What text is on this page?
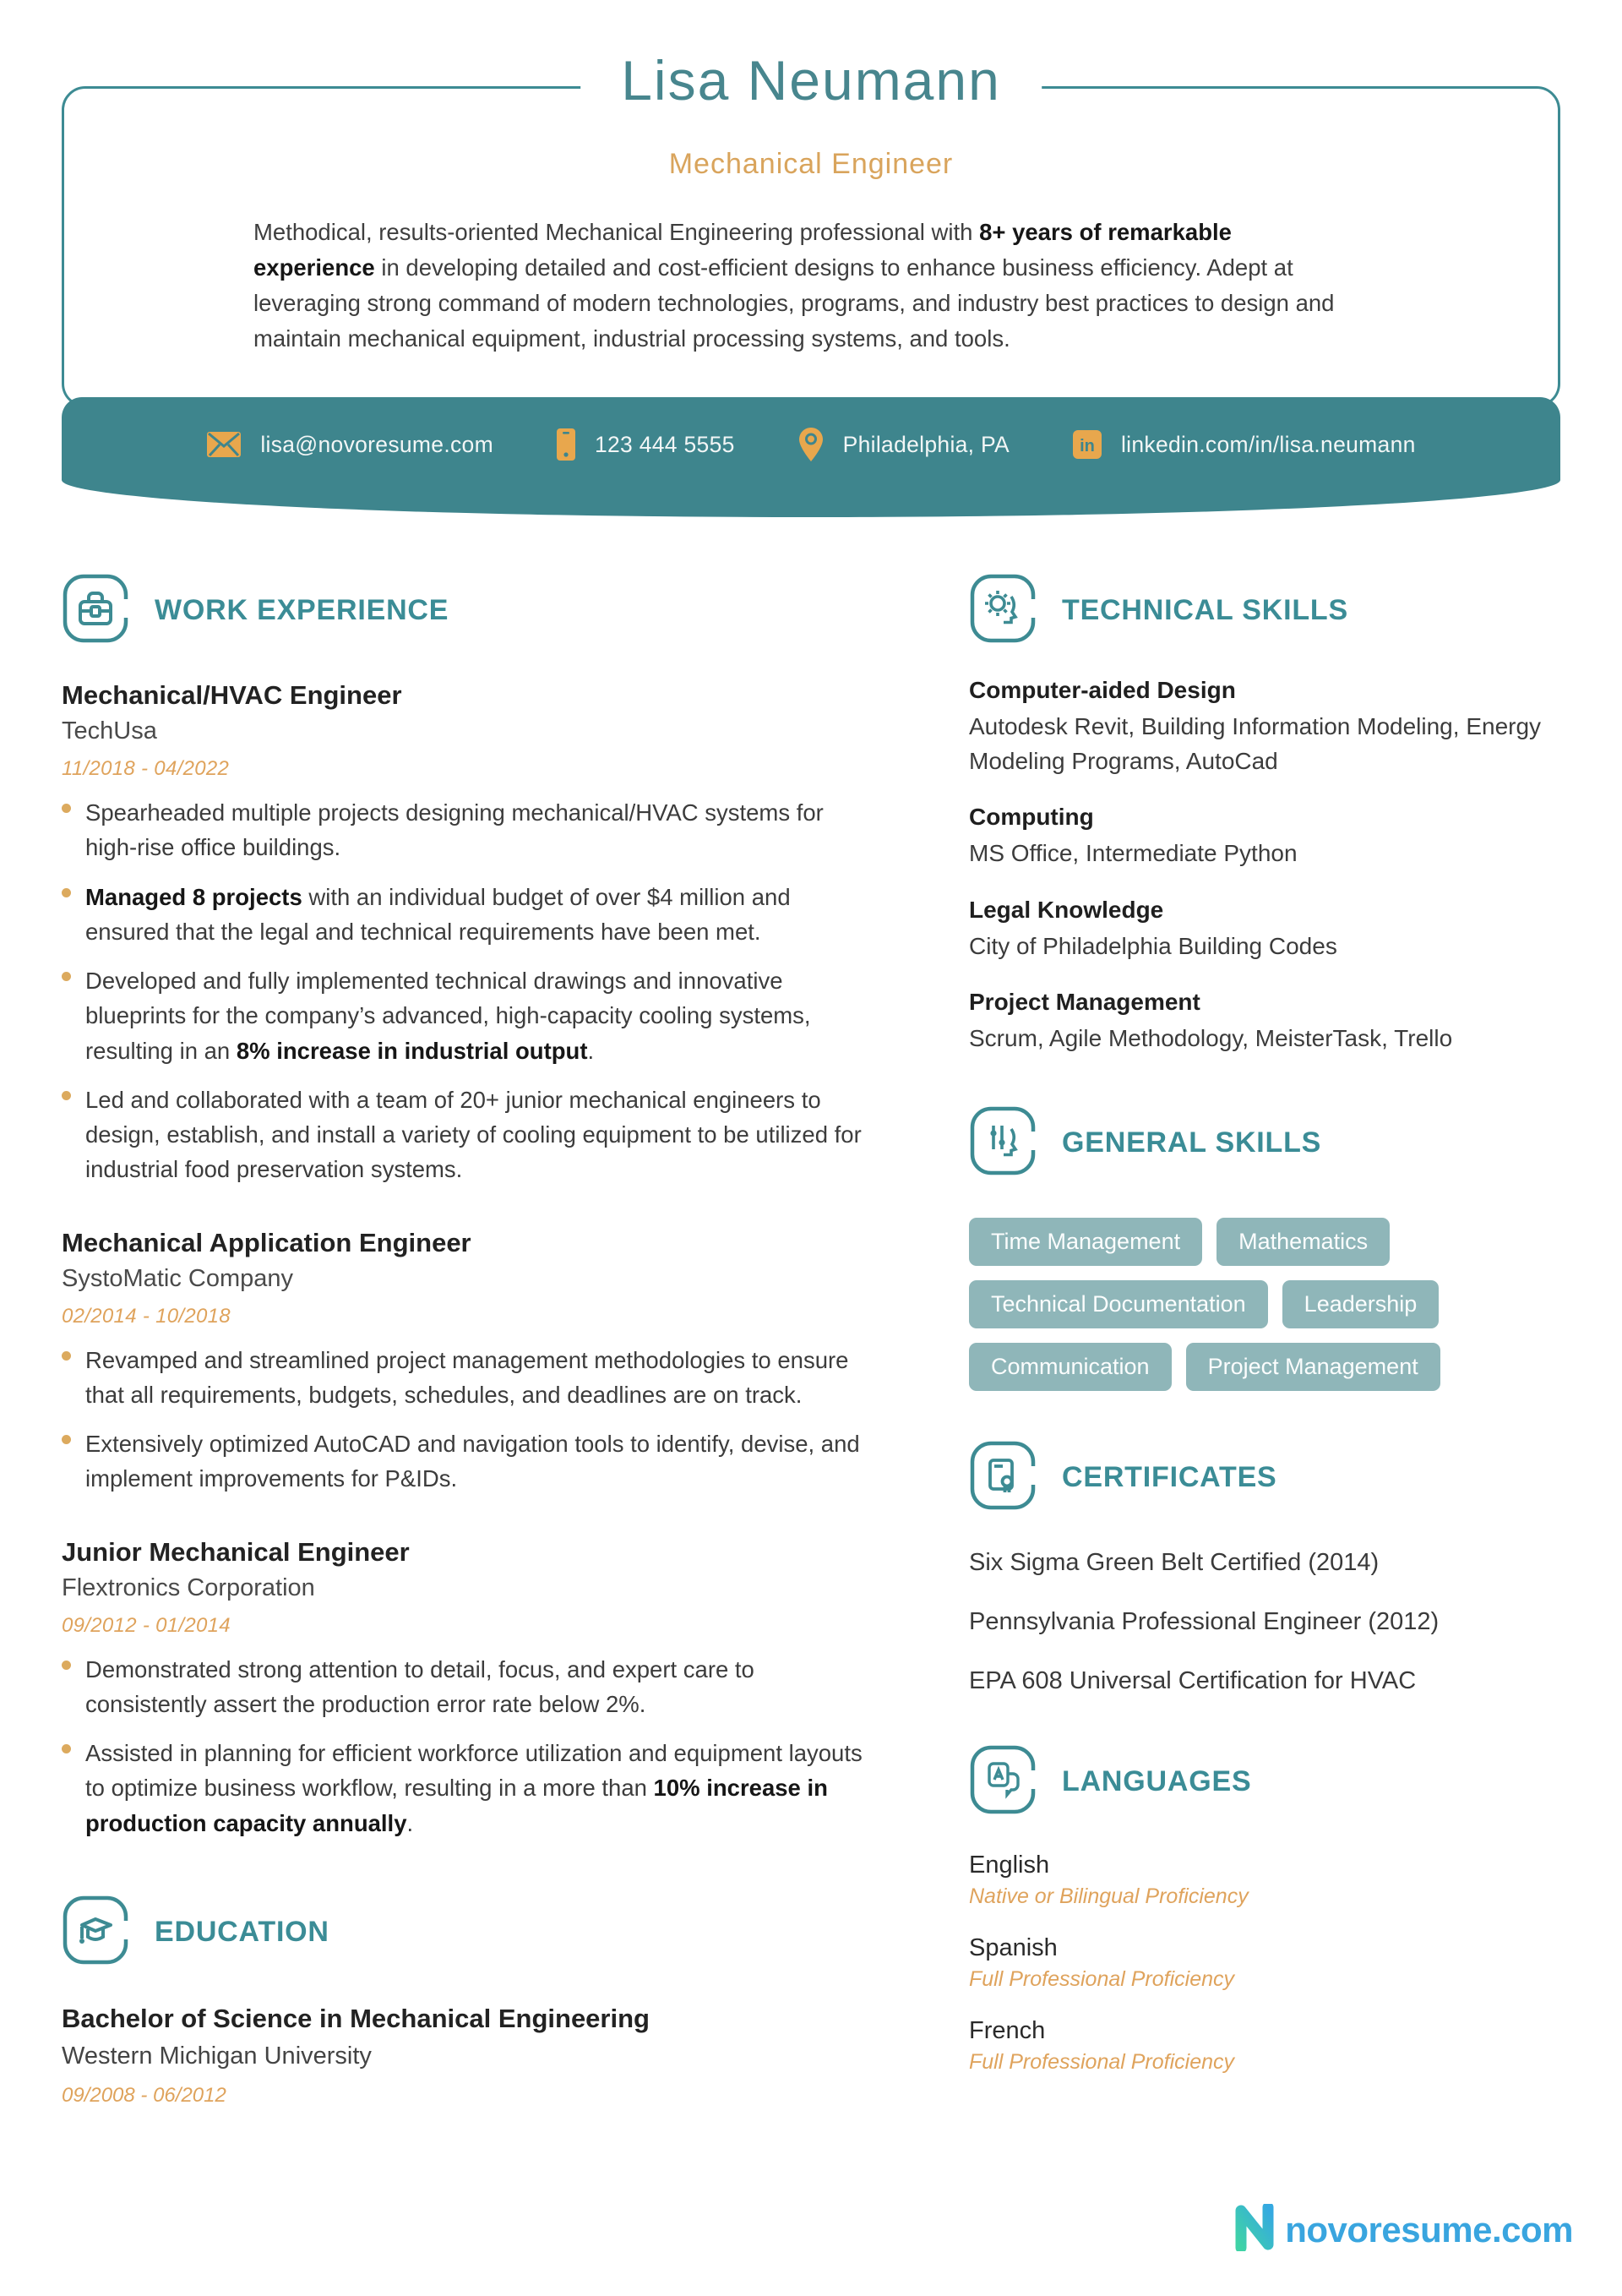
Lisa Neumann
Mechanical Engineer

Methodical, results-oriented Mechanical Engineering professional with 8+ years of remarkable experience in developing detailed and cost-efficient designs to enhance business efficiency. Adept at leveraging strong command of modern technologies, programs, and industry best practices to design and maintain mechanical equipment, industrial processing systems, and tools.

lisa@novoresume.com	123 444 5555	Philadelphia, PA	in linkedin.com/in/lisa.neumann
WORK EXPERIENCE
Mechanical/HVAC Engineer
TechUsa
11/2018 - 04/2022
Spearheaded multiple projects designing mechanical/HVAC systems for high-rise office buildings.
Managed 8 projects with an individual budget of over $4 million and ensured that the legal and technical requirements have been met.
Developed and fully implemented technical drawings and innovative blueprints for the company’s advanced, high-capacity cooling systems, resulting in an 8% increase in industrial output.
Led and collaborated with a team of 20+ junior mechanical engineers to design, establish, and install a variety of cooling equipment to be utilized for industrial food preservation systems.
Mechanical Application Engineer
SystoMatic Company
02/2014 - 10/2018
Revamped and streamlined project management methodologies to ensure that all requirements, budgets, schedules, and deadlines are on track.
Extensively optimized AutoCAD and navigation tools to identify, devise, and implement improvements for P&IDs.
Junior Mechanical Engineer
Flextronics Corporation
09/2012 - 01/2014
Demonstrated strong attention to detail, focus, and expert care to consistently assert the production error rate below 2%.
Assisted in planning for efficient workforce utilization and equipment layouts to optimize business workflow, resulting in a more than 10% increase in production capacity annually.
EDUCATION
Bachelor of Science in Mechanical Engineering
Western Michigan University
09/2008 - 06/2012
TECHNICAL SKILLS
Computer-aided Design
Autodesk Revit, Building Information Modeling, Energy Modeling Programs, AutoCad
Computing
MS Office, Intermediate Python
Legal Knowledge
City of Philadelphia Building Codes
Project Management
Scrum, Agile Methodology, MeisterTask, Trello
GENERAL SKILLS
Time Management	Mathematics
Technical Documentation	Leadership
Communication	Project Management
CERTIFICATES
Six Sigma Green Belt Certified (2014)
Pennsylvania Professional Engineer (2012)
EPA 608 Universal Certification for HVAC
LANGUAGES
English
Native or Bilingual Proficiency
Spanish
Full Professional Proficiency
French
Full Professional Proficiency
novoresume.com
